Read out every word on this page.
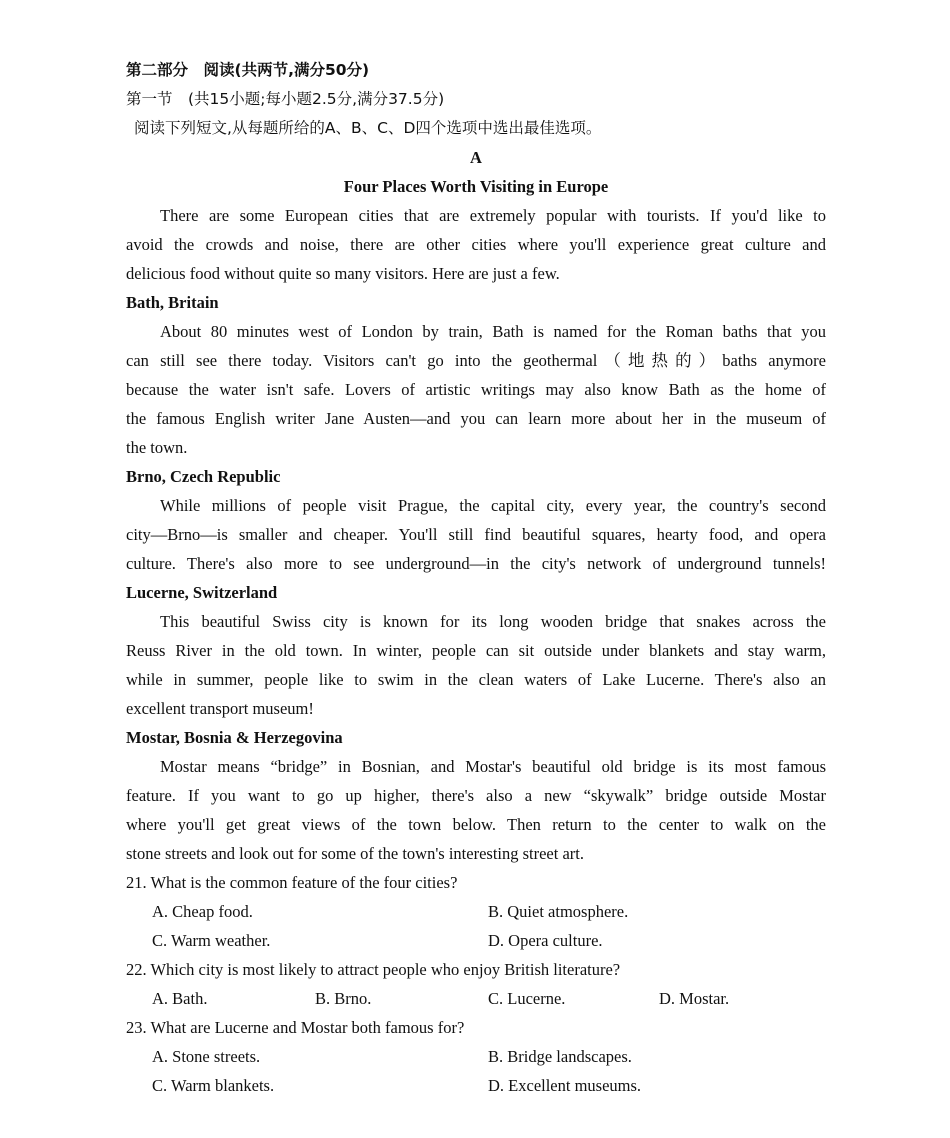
第二部分　阅读(共两节,满分50分)
第一节　(共15小题;每小题2.5分,满分37.5分)
阅读下列短文,从每题所给的A、B、C、D四个选项中选出最佳选项。
A
Four Places Worth Visiting in Europe
There are some European cities that are extremely popular with tourists. If you'd like to
avoid the crowds and noise, there are other cities where you'll experience great culture and
delicious food without quite so many visitors. Here are just a few.
Bath, Britain
About 80 minutes west of London by train, Bath is named for the Roman baths that you
can still see there today. Visitors can't go into the geothermal（地热的）baths anymore
because the water isn't safe. Lovers of artistic writings may also know Bath as the home of
the famous English writer Jane Austen—and you can learn more about her in the museum of
the town.
Brno, Czech Republic
While millions of people visit Prague, the capital city, every year, the country's second
city—Brno—is smaller and cheaper. You'll still find beautiful squares, hearty food, and opera
culture. There's also more to see underground—in the city's network of underground tunnels!
Lucerne, Switzerland
This beautiful Swiss city is known for its long wooden bridge that snakes across the
Reuss River in the old town. In winter, people can sit outside under blankets and stay warm,
while in summer, people like to swim in the clean waters of Lake Lucerne. There's also an
excellent transport museum!
Mostar, Bosnia & Herzegovina
Mostar means “bridge” in Bosnian, and Mostar's beautiful old bridge is its most famous
feature. If you want to go up higher, there's also a new “skywalk” bridge outside Mostar
where you'll get great views of the town below. Then return to the center to walk on the
stone streets and look out for some of the town's interesting street art.
21. What is the common feature of the four cities?
A. Cheap food.	B. Quiet atmosphere.
C. Warm weather.	D. Opera culture.
22. Which city is most likely to attract people who enjoy British literature?
A. Bath.	B. Brno.	C. Lucerne.	D. Mostar.
23. What are Lucerne and Mostar both famous for?
A. Stone streets.	B. Bridge landscapes.
C. Warm blankets.	D. Excellent museums.
